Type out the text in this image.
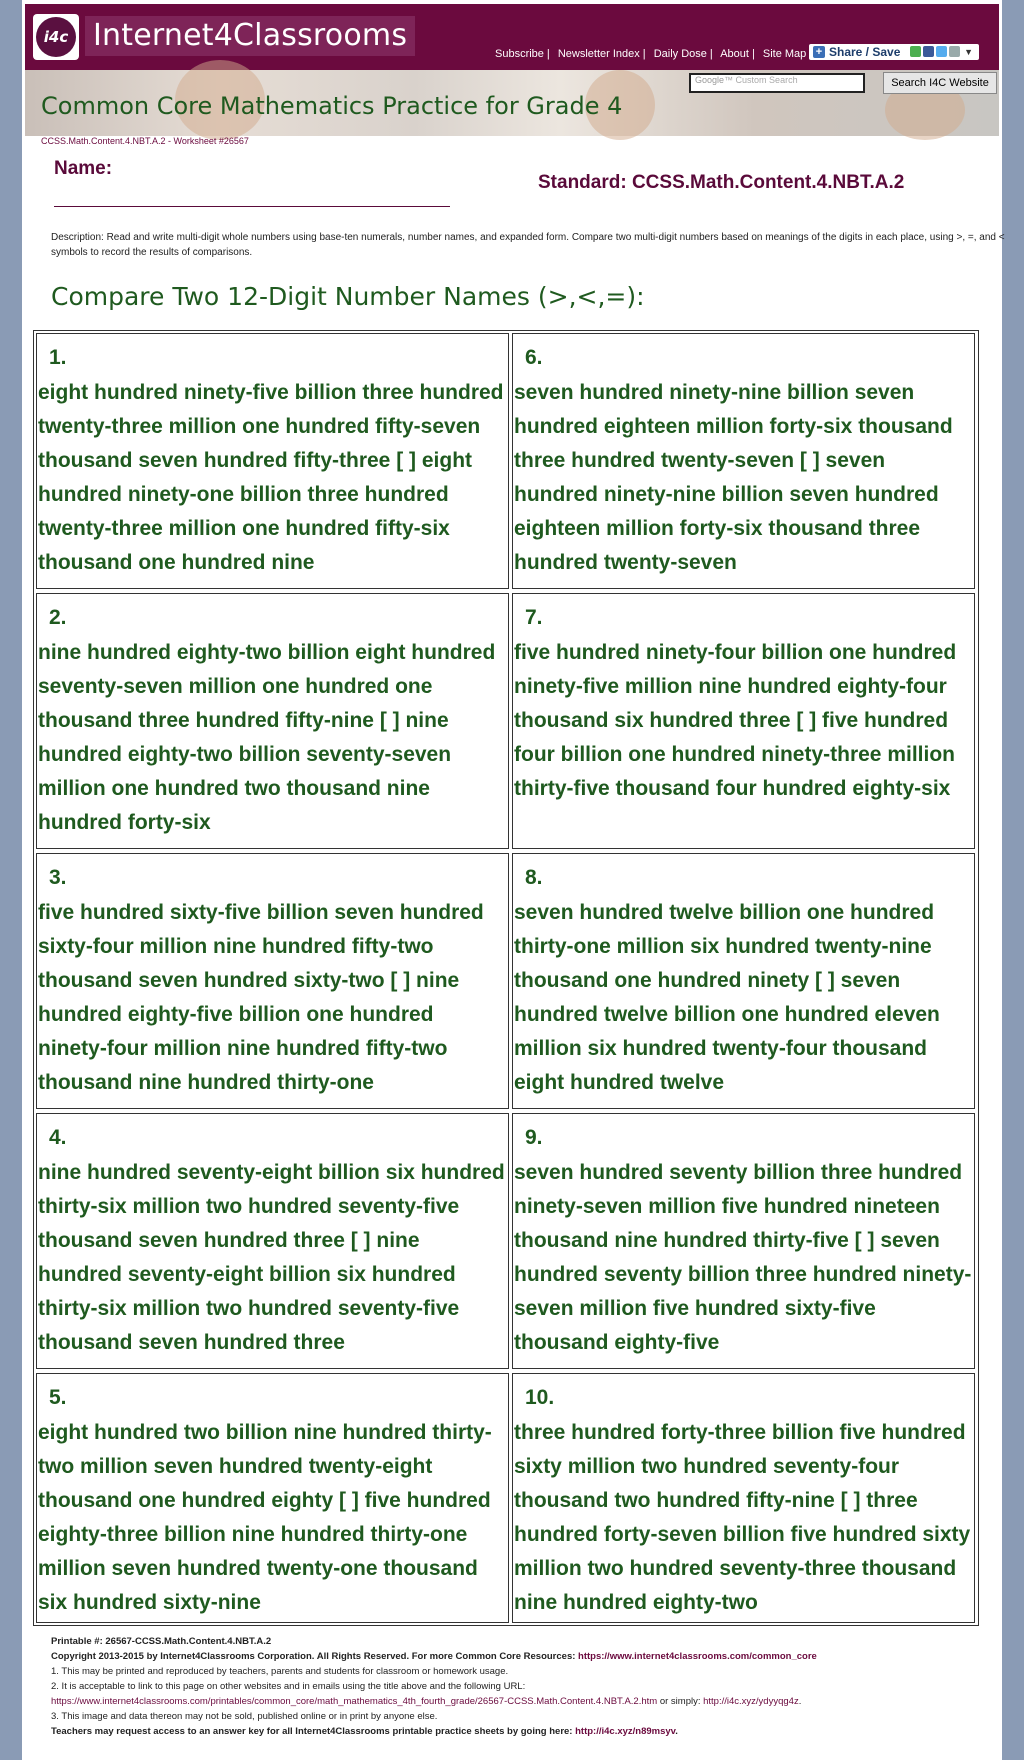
i4c Internet4Classrooms
Subscribe | Newsletter Index | Daily Dose | About | Site Map + Share / Save	▼
Common Core Mathematics Practice for Grade 4
Google™ Custom Search	Search I4C Website
CCSS.Math.Content.4.NBT.A.2 - Worksheet #26567
Name:
Standard: CCSS.Math.Content.4.NBT.A.2
Description: Read and write multi-digit whole numbers using base-ten numerals, number names, and expanded form. Compare two multi-digit numbers based on meanings of the digits in each place, using >, =, and < symbols to record the results of comparisons.
Compare Two 12-Digit Number Names (>,<,=):
1.
eight hundred ninety-five billion three hundred twenty-three million one hundred fifty-seven thousand seven hundred fifty-three [ ] eight hundred ninety-one billion three hundred twenty-three million one hundred fifty-six thousand one hundred nine
6.
seven hundred ninety-nine billion seven hundred eighteen million forty-six thousand three hundred twenty-seven [ ] seven hundred ninety-nine billion seven hundred eighteen million forty-six thousand three hundred twenty-seven
2.
nine hundred eighty-two billion eight hundred seventy-seven million one hundred one thousand three hundred fifty-nine [ ] nine hundred eighty-two billion seventy-seven million one hundred two thousand nine hundred forty-six
7.
five hundred ninety-four billion one hundred ninety-five million nine hundred eighty-four thousand six hundred three [ ] five hundred four billion one hundred ninety-three million thirty-five thousand four hundred eighty-six
3.
five hundred sixty-five billion seven hundred sixty-four million nine hundred fifty-two thousand seven hundred sixty-two [ ] nine hundred eighty-five billion one hundred ninety-four million nine hundred fifty-two thousand nine hundred thirty-one
8.
seven hundred twelve billion one hundred thirty-one million six hundred twenty-nine thousand one hundred ninety [ ] seven hundred twelve billion one hundred eleven million six hundred twenty-four thousand eight hundred twelve
4.
nine hundred seventy-eight billion six hundred thirty-six million two hundred seventy-five thousand seven hundred three [ ] nine hundred seventy-eight billion six hundred thirty-six million two hundred seventy-five thousand seven hundred three
9.
seven hundred seventy billion three hundred ninety-seven million five hundred nineteen thousand nine hundred thirty-five [ ] seven hundred seventy billion three hundred ninety-seven million five hundred sixty-five thousand eighty-five
5.
eight hundred two billion nine hundred thirty-two million seven hundred twenty-eight thousand one hundred eighty [ ] five hundred eighty-three billion nine hundred thirty-one million seven hundred twenty-one thousand six hundred sixty-nine
10.
three hundred forty-three billion five hundred sixty million two hundred seventy-four thousand two hundred fifty-nine [ ] three hundred forty-seven billion five hundred sixty million two hundred seventy-three thousand nine hundred eighty-two
Printable #: 26567-CCSS.Math.Content.4.NBT.A.2
Copyright 2013-2015 by Internet4Classrooms Corporation. All Rights Reserved. For more Common Core Resources: https://www.internet4classrooms.com/common_core
1. This may be printed and reproduced by teachers, parents and students for classroom or homework usage.
2. It is acceptable to link to this page on other websites and in emails using the title above and the following URL:
https://www.internet4classrooms.com/printables/common_core/math_mathematics_4th_fourth_grade/26567-CCSS.Math.Content.4.NBT.A.2.htm or simply: http://i4c.xyz/ydyyqg4z.
3. This image and data thereon may not be sold, published online or in print by anyone else.
Teachers may request access to an answer key for all Internet4Classrooms printable practice sheets by going here: http://i4c.xyz/n89msyv.
